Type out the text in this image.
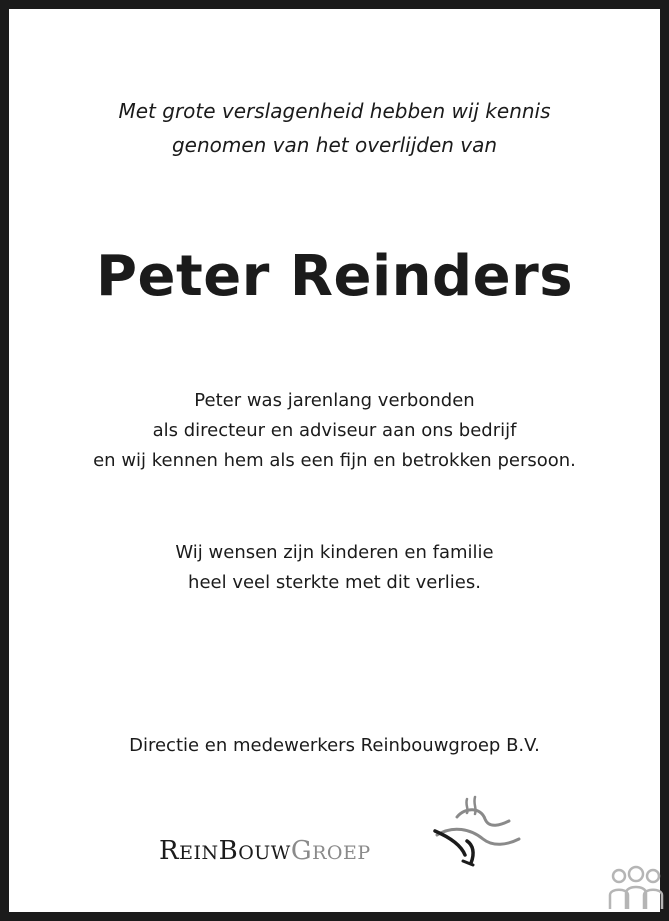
Met grote verslagenheid hebben wij kennis
genomen van het overlijden van
Peter Reinders
Peter was jarenlang verbonden
als directeur en adviseur aan ons bedrijf
en wij kennen hem als een fijn en betrokken persoon.
Wij wensen zijn kinderen en familie
heel veel sterkte met dit verlies.
Directie en medewerkers Reinbouwgroep B.V.
REINBOUWGROEP
